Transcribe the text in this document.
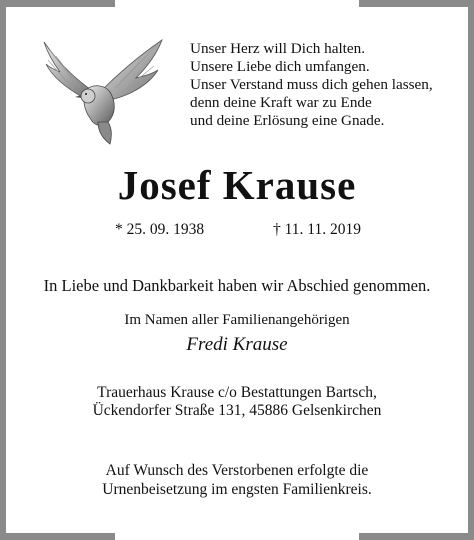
Unser Herz will Dich halten.
Unsere Liebe dich umfangen.
Unser Verstand muss dich gehen lassen,
denn deine Kraft war zu Ende
und deine Erlösung eine Gnade.
Josef Krause
* 25. 09. 1938	† 11. 11. 2019
In Liebe und Dankbarkeit haben wir Abschied genommen.
Im Namen aller Familienangehörigen
Fredi Krause
Trauerhaus Krause c/o Bestattungen Bartsch,
Ückendorfer Straße 131, 45886 Gelsenkirchen
Auf Wunsch des Verstorbenen erfolgte die
Urnenbeisetzung im engsten Familienkreis.
